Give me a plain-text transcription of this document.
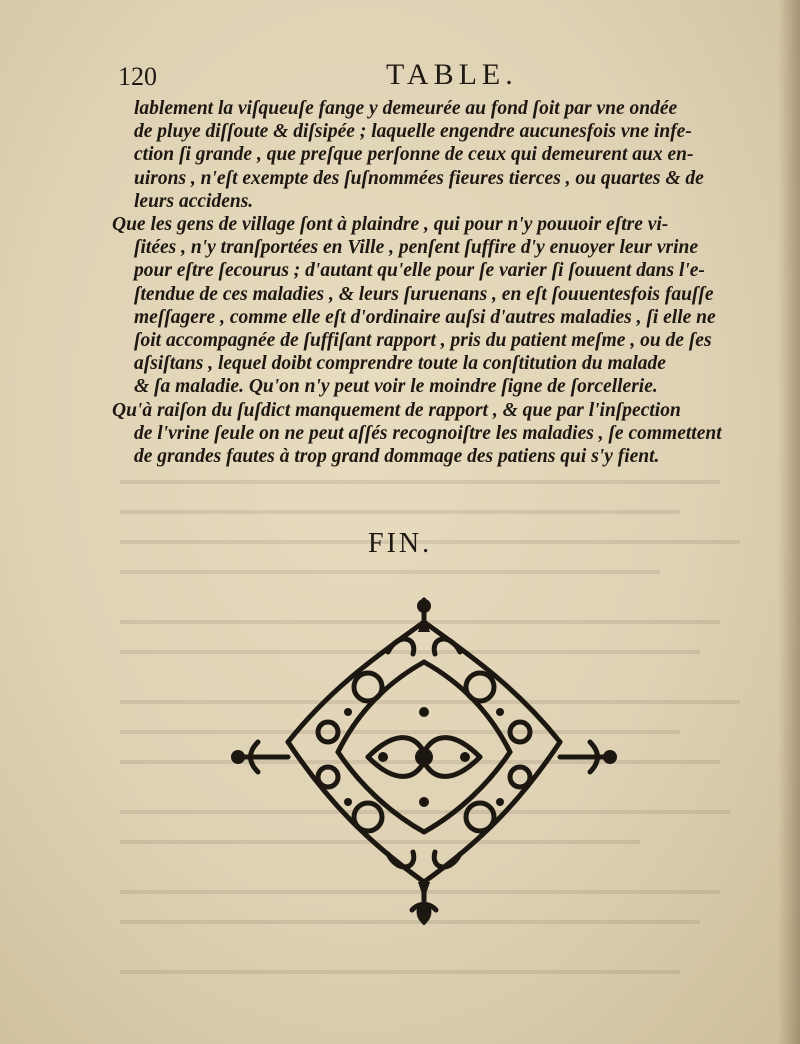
120	TABLE.

lablement la viſqueuſe fange y demeurée au fond ſoit par vne ondée
de pluye diſſoute & diſsipée ; laquelle engendre aucunesfois vne infe-
ction ſi grande , que preſque perſonne de ceux qui demeurent aux en-
uirons , n'eſt exempte des ſuſnommées fieures tierces , ou quartes & de
leurs accidens.

Que les gens de village ſont à plaindre , qui pour n'y pouuoir eſtre vi-
ſitées , n'y tranſportées en Ville , penſent ſuffire d'y enuoyer leur vrine
pour eſtre ſecourus ; d'autant qu'elle pour ſe varier ſi ſouuent dans l'e-
ſtendue de ces maladies , & leurs ſuruenans , en eſt ſouuentesfois fauſſe
meſſagere , comme elle eſt d'ordinaire auſsi d'autres maladies , ſi elle ne
ſoit accompagnée de ſuffiſant rapport , pris du patient meſme , ou de ſes
aſsiſtans , lequel doibt comprendre toute la conſtitution du malade
& ſa maladie. Qu'on n'y peut voir le moindre ſigne de ſorcellerie.

Qu'à raiſon du ſuſdict manquement de rapport , & que par l'inſpection
de l'vrine ſeule on ne peut aſſés recognoiſtre les maladies , ſe commettent
de grandes fautes à trop grand dommage des patiens qui s'y fient.

FIN.
